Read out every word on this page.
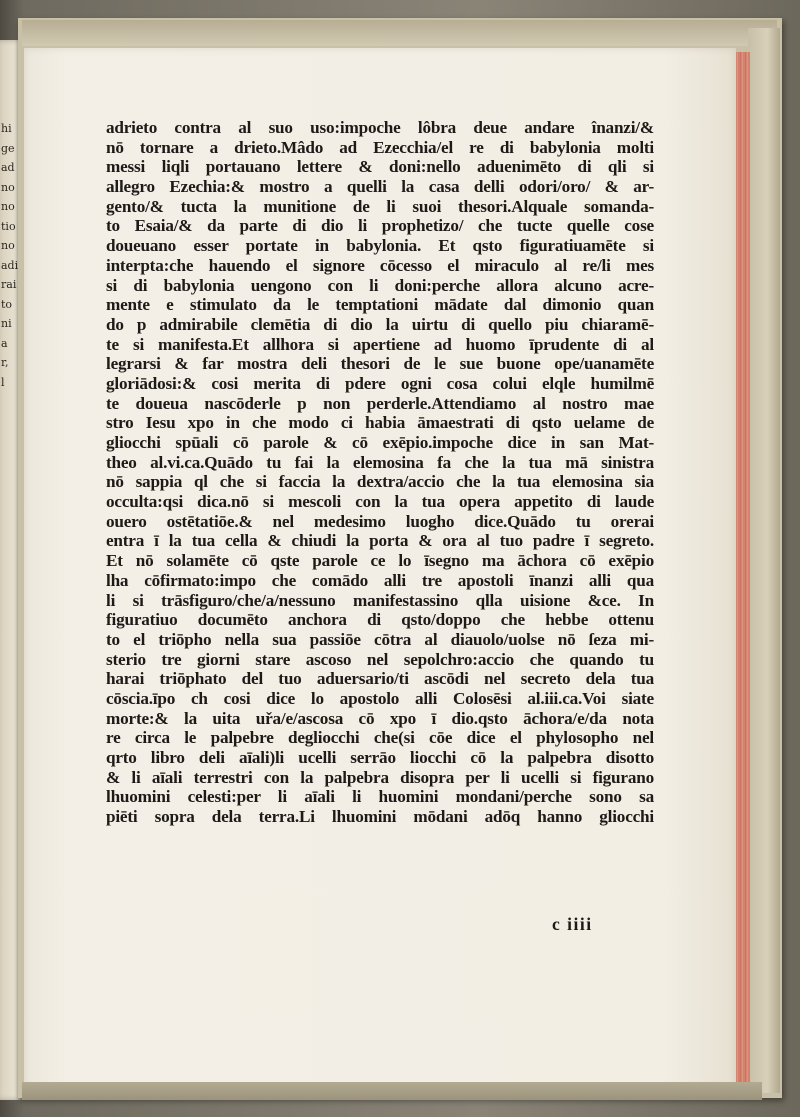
hi
ge
ad
no
no
tio
no
adi
rai
to
ni
a
r,
l
adrieto contra al suo uso:impoche lôbra deue andare înanzi/&
nō tornare a drieto.Mâdo ad Ezecchia/el re di babylonia molti
messi liqli portauano lettere & doni:nello aduenimēto di qli si
allegro Ezechia:& mostro a quelli la casa delli odori/oro/ & ar-
gento/& tucta la munitione de li suoi thesori.Alquale somanda-
to Esaia/& da parte di dio li prophetizo/ che tucte quelle cose
doueuano esser portate in babylonia. Et qsto figuratiuamēte si
interpta:che hauendo el signore cōcesso el miraculo al re/li mes
si di babylonia uengono con li doni:perche allora alcuno acre-
mente e stimulato da le temptationi mādate dal dimonio quan
do p admirabile clemētia di dio la uirtu di quello piu chiaramē-
te si manifesta.Et allhora si apertiene ad huomo īprudente di al
legrarsi & far mostra deli thesori de le sue buone ope/uanamēte
gloriādosi:& cosi merita di pdere ogni cosa colui elqle humilmē
te doueua nascōderle p non perderle.Attendiamo al nostro mae
stro Iesu xpo in che modo ci habia āmaestrati di qsto uelame de
gliocchi spūali cō parole & cō exēpio.impoche dice in san Mat-
theo al.vi.ca.Quādo tu fai la elemosina fa che la tua mā sinistra
nō sappia ql che si faccia la dextra/accio che la tua elemosina sia
occulta:qsi dica.nō si mescoli con la tua opera appetito di laude
ouero ostētatiōe.& nel medesimo luogho dice.Quādo tu orerai
entra ī la tua cella & chiudi la porta & ora al tuo padre ī segreto.
Et nō solamēte cō qste parole ce lo īsegno ma āchora cō exēpio
lha cōfirmato:impo che comādo alli tre apostoli īnanzi alli qua
li si trāsfiguro/che/a/nessuno manifestassino qlla uisione &ce. In
figuratiuo documēto anchora di qsto/doppo che hebbe ottenu
to el triōpho nella sua passiōe cōtra al diauolo/uolse nō ſeza mi-
sterio tre giorni stare ascoso nel sepolchro:accio che quando tu
harai triōphato del tuo aduersario/ti ascōdi nel secreto dela tua
cōscia.īpo ch cosi dice lo apostolo alli Colosēsi al.iii.ca.Voi siate
morte:& la uita uřa/e/ascosa cō xpo ī dio.qsto āchora/e/da nota
re circa le palpebre degliocchi che(si cōe dice el phylosopho nel
qrto libro deli aīali)li ucelli serrāo liocchi cō la palpebra disotto
& li aīali terrestri con la palpebra disopra per li ucelli si figurano
lhuomini celesti:per li aīali li huomini mondani/perche sono sa
piēti sopra dela terra.Li lhuomini mōdani adōq hanno gliocchi
c iiii
